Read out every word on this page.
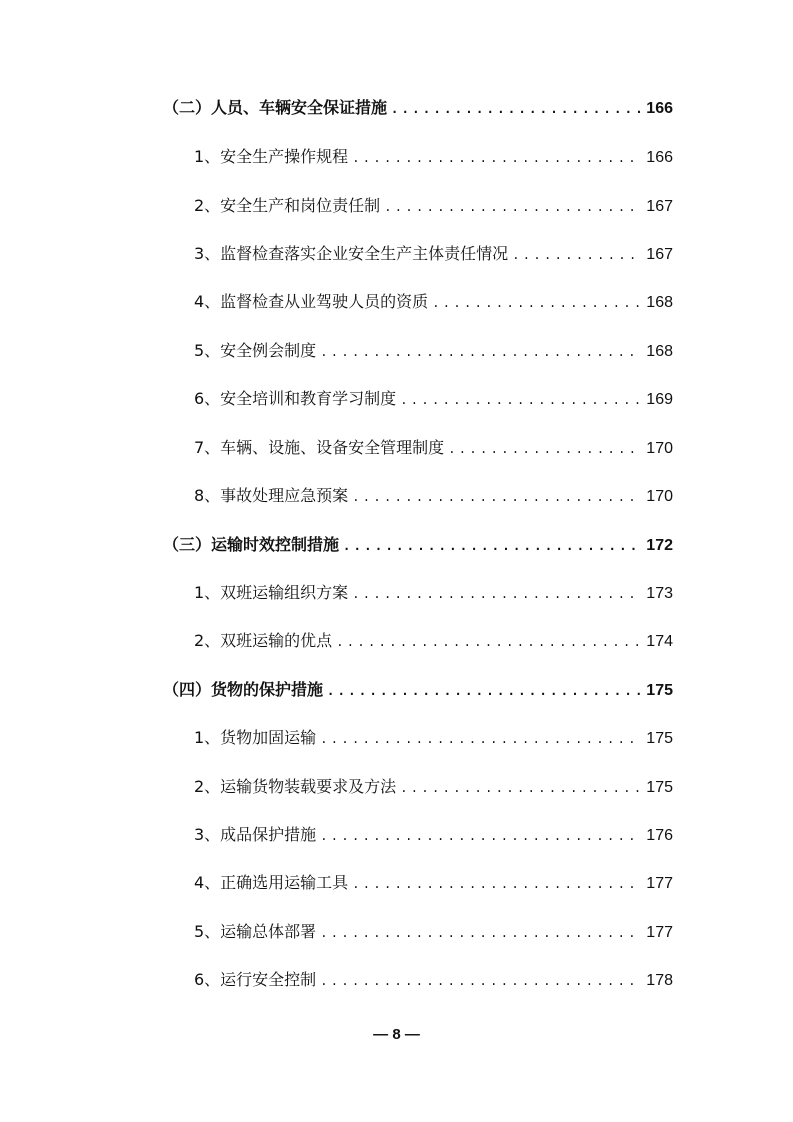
（二）人员、车辆安全保证措施 .....	166
1、安全生产操作规程 .....	166
2、安全生产和岗位责任制 .....	167
3、监督检查落实企业安全生产主体责任情况 .....	167
4、监督检查从业驾驶人员的资质 .....	168
5、安全例会制度 .....	168
6、安全培训和教育学习制度 .....	169
7、车辆、设施、设备安全管理制度 .....	170
8、事故处理应急预案 .....	170
（三）运输时效控制措施 .....	172
1、双班运输组织方案 .....	173
2、双班运输的优点 .....	174
（四）货物的保护措施 .....	175
1、货物加固运输 .....	175
2、运输货物装载要求及方法 .....	175
3、成品保护措施 .....	176
4、正确选用运输工具 .....	177
5、运输总体部署 .....	177
6、运行安全控制 .....	178
— 8 —
